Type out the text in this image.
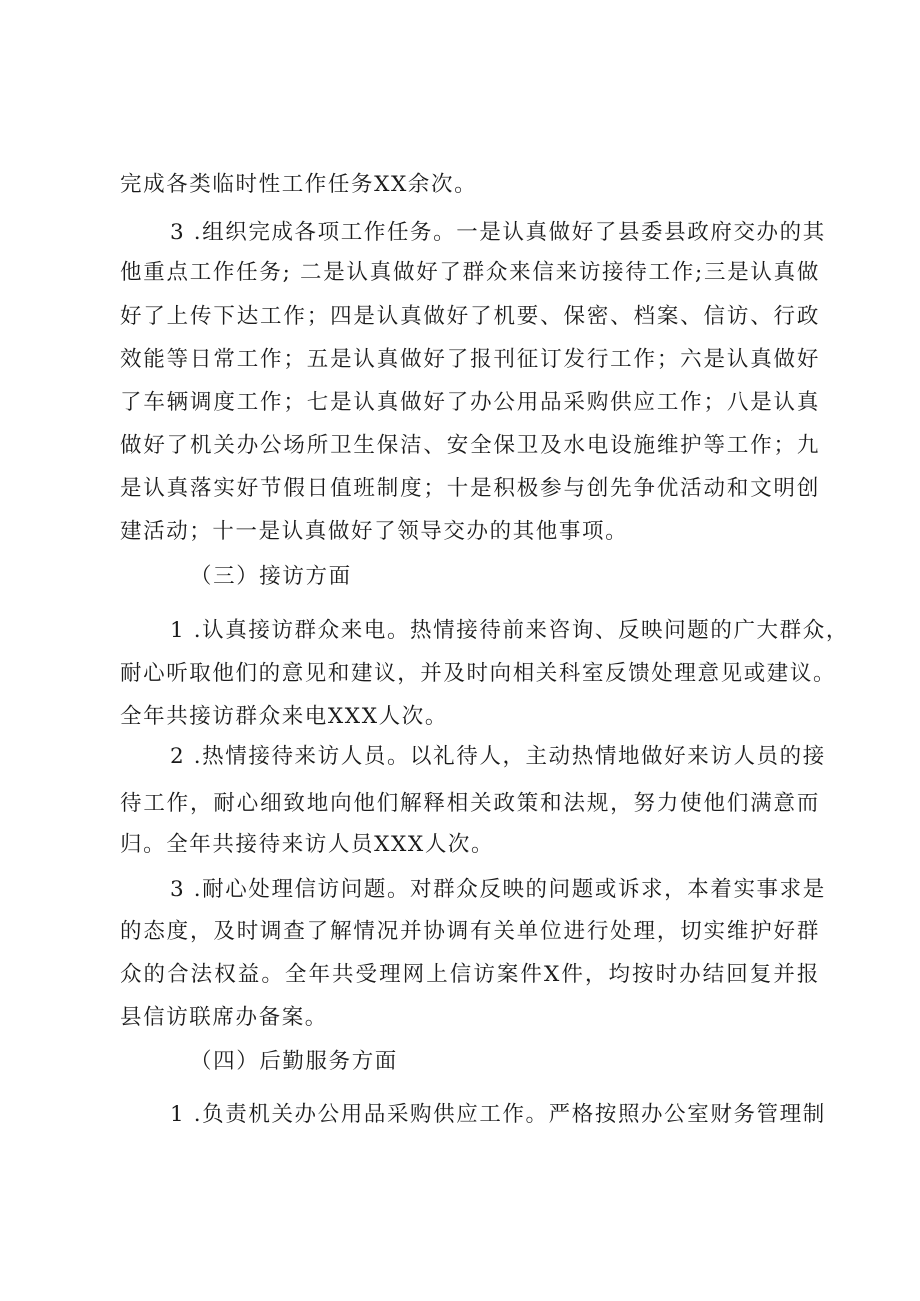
完成各类临时性工作任务XX余次。
3 .组织完成各项工作任务。一是认真做好了县委县政府交办的其
他重点工作任务; 二是认真做好了群众来信来访接待工作;三是认真做
好了上传下达工作；四是认真做好了机要、保密、档案、信访、行政
效能等日常工作；五是认真做好了报刊征订发行工作；六是认真做好
了车辆调度工作；七是认真做好了办公用品采购供应工作；八是认真
做好了机关办公场所卫生保洁、安全保卫及水电设施维护等工作；九
是认真落实好节假日值班制度；十是积极参与创先争优活动和文明创
建活动；十一是认真做好了领导交办的其他事项。
（三）接访方面
1 .认真接访群众来电。热情接待前来咨询、反映问题的广大群众，
耐心听取他们的意见和建议，并及时向相关科室反馈处理意见或建议。
全年共接访群众来电XXX人次。
2 .热情接待来访人员。以礼待人，主动热情地做好来访人员的接
待工作，耐心细致地向他们解释相关政策和法规，努力使他们满意而
归。全年共接待来访人员XXX人次。
3 .耐心处理信访问题。对群众反映的问题或诉求，本着实事求是
的态度，及时调查了解情况并协调有关单位进行处理，切实维护好群
众的合法权益。全年共受理网上信访案件X件，均按时办结回复并报
县信访联席办备案。
（四）后勤服务方面
1 .负责机关办公用品采购供应工作。严格按照办公室财务管理制
